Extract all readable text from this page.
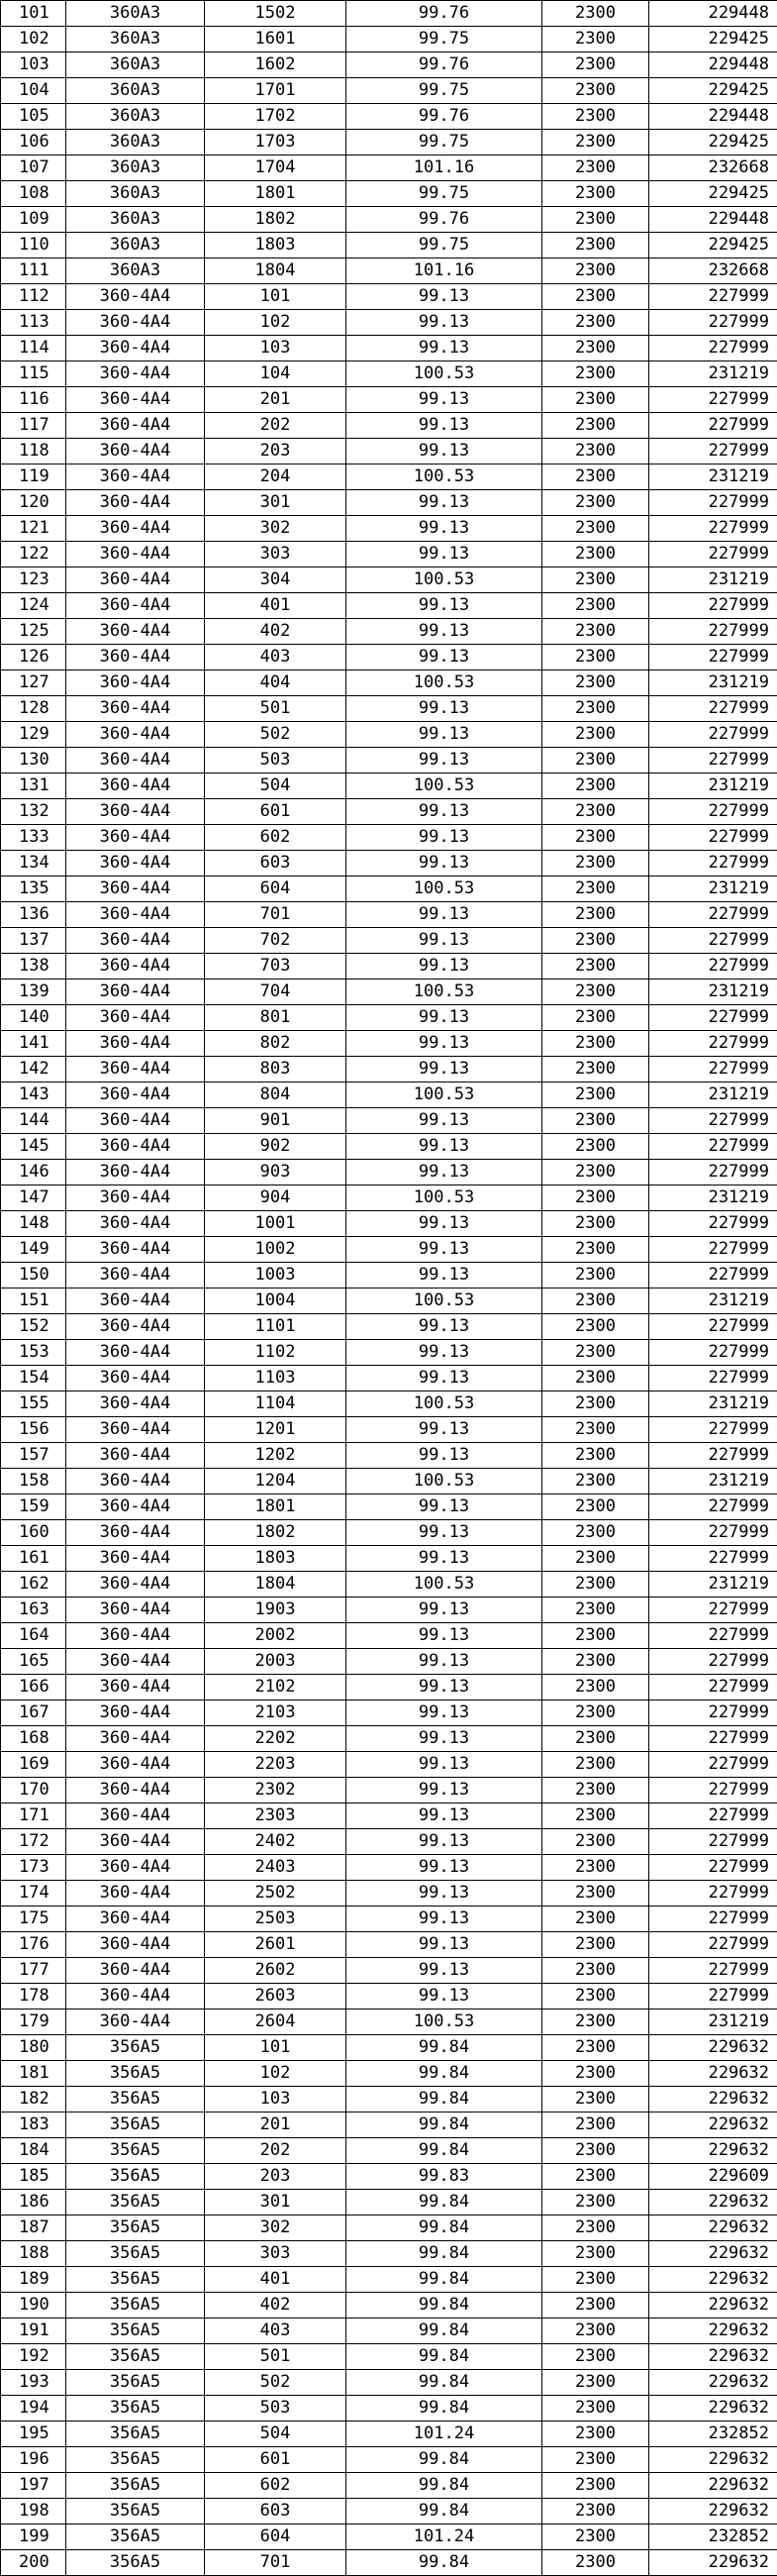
101	360A3	1502	99.76	2300	229448
102	360A3	1601	99.75	2300	229425
103	360A3	1602	99.76	2300	229448
104	360A3	1701	99.75	2300	229425
105	360A3	1702	99.76	2300	229448
106	360A3	1703	99.75	2300	229425
107	360A3	1704	101.16	2300	232668
108	360A3	1801	99.75	2300	229425
109	360A3	1802	99.76	2300	229448
110	360A3	1803	99.75	2300	229425
111	360A3	1804	101.16	2300	232668
112	360-4A4	101	99.13	2300	227999
113	360-4A4	102	99.13	2300	227999
114	360-4A4	103	99.13	2300	227999
115	360-4A4	104	100.53	2300	231219
116	360-4A4	201	99.13	2300	227999
117	360-4A4	202	99.13	2300	227999
118	360-4A4	203	99.13	2300	227999
119	360-4A4	204	100.53	2300	231219
120	360-4A4	301	99.13	2300	227999
121	360-4A4	302	99.13	2300	227999
122	360-4A4	303	99.13	2300	227999
123	360-4A4	304	100.53	2300	231219
124	360-4A4	401	99.13	2300	227999
125	360-4A4	402	99.13	2300	227999
126	360-4A4	403	99.13	2300	227999
127	360-4A4	404	100.53	2300	231219
128	360-4A4	501	99.13	2300	227999
129	360-4A4	502	99.13	2300	227999
130	360-4A4	503	99.13	2300	227999
131	360-4A4	504	100.53	2300	231219
132	360-4A4	601	99.13	2300	227999
133	360-4A4	602	99.13	2300	227999
134	360-4A4	603	99.13	2300	227999
135	360-4A4	604	100.53	2300	231219
136	360-4A4	701	99.13	2300	227999
137	360-4A4	702	99.13	2300	227999
138	360-4A4	703	99.13	2300	227999
139	360-4A4	704	100.53	2300	231219
140	360-4A4	801	99.13	2300	227999
141	360-4A4	802	99.13	2300	227999
142	360-4A4	803	99.13	2300	227999
143	360-4A4	804	100.53	2300	231219
144	360-4A4	901	99.13	2300	227999
145	360-4A4	902	99.13	2300	227999
146	360-4A4	903	99.13	2300	227999
147	360-4A4	904	100.53	2300	231219
148	360-4A4	1001	99.13	2300	227999
149	360-4A4	1002	99.13	2300	227999
150	360-4A4	1003	99.13	2300	227999
151	360-4A4	1004	100.53	2300	231219
152	360-4A4	1101	99.13	2300	227999
153	360-4A4	1102	99.13	2300	227999
154	360-4A4	1103	99.13	2300	227999
155	360-4A4	1104	100.53	2300	231219
156	360-4A4	1201	99.13	2300	227999
157	360-4A4	1202	99.13	2300	227999
158	360-4A4	1204	100.53	2300	231219
159	360-4A4	1801	99.13	2300	227999
160	360-4A4	1802	99.13	2300	227999
161	360-4A4	1803	99.13	2300	227999
162	360-4A4	1804	100.53	2300	231219
163	360-4A4	1903	99.13	2300	227999
164	360-4A4	2002	99.13	2300	227999
165	360-4A4	2003	99.13	2300	227999
166	360-4A4	2102	99.13	2300	227999
167	360-4A4	2103	99.13	2300	227999
168	360-4A4	2202	99.13	2300	227999
169	360-4A4	2203	99.13	2300	227999
170	360-4A4	2302	99.13	2300	227999
171	360-4A4	2303	99.13	2300	227999
172	360-4A4	2402	99.13	2300	227999
173	360-4A4	2403	99.13	2300	227999
174	360-4A4	2502	99.13	2300	227999
175	360-4A4	2503	99.13	2300	227999
176	360-4A4	2601	99.13	2300	227999
177	360-4A4	2602	99.13	2300	227999
178	360-4A4	2603	99.13	2300	227999
179	360-4A4	2604	100.53	2300	231219
180	356A5	101	99.84	2300	229632
181	356A5	102	99.84	2300	229632
182	356A5	103	99.84	2300	229632
183	356A5	201	99.84	2300	229632
184	356A5	202	99.84	2300	229632
185	356A5	203	99.83	2300	229609
186	356A5	301	99.84	2300	229632
187	356A5	302	99.84	2300	229632
188	356A5	303	99.84	2300	229632
189	356A5	401	99.84	2300	229632
190	356A5	402	99.84	2300	229632
191	356A5	403	99.84	2300	229632
192	356A5	501	99.84	2300	229632
193	356A5	502	99.84	2300	229632
194	356A5	503	99.84	2300	229632
195	356A5	504	101.24	2300	232852
196	356A5	601	99.84	2300	229632
197	356A5	602	99.84	2300	229632
198	356A5	603	99.84	2300	229632
199	356A5	604	101.24	2300	232852
200	356A5	701	99.84	2300	229632
